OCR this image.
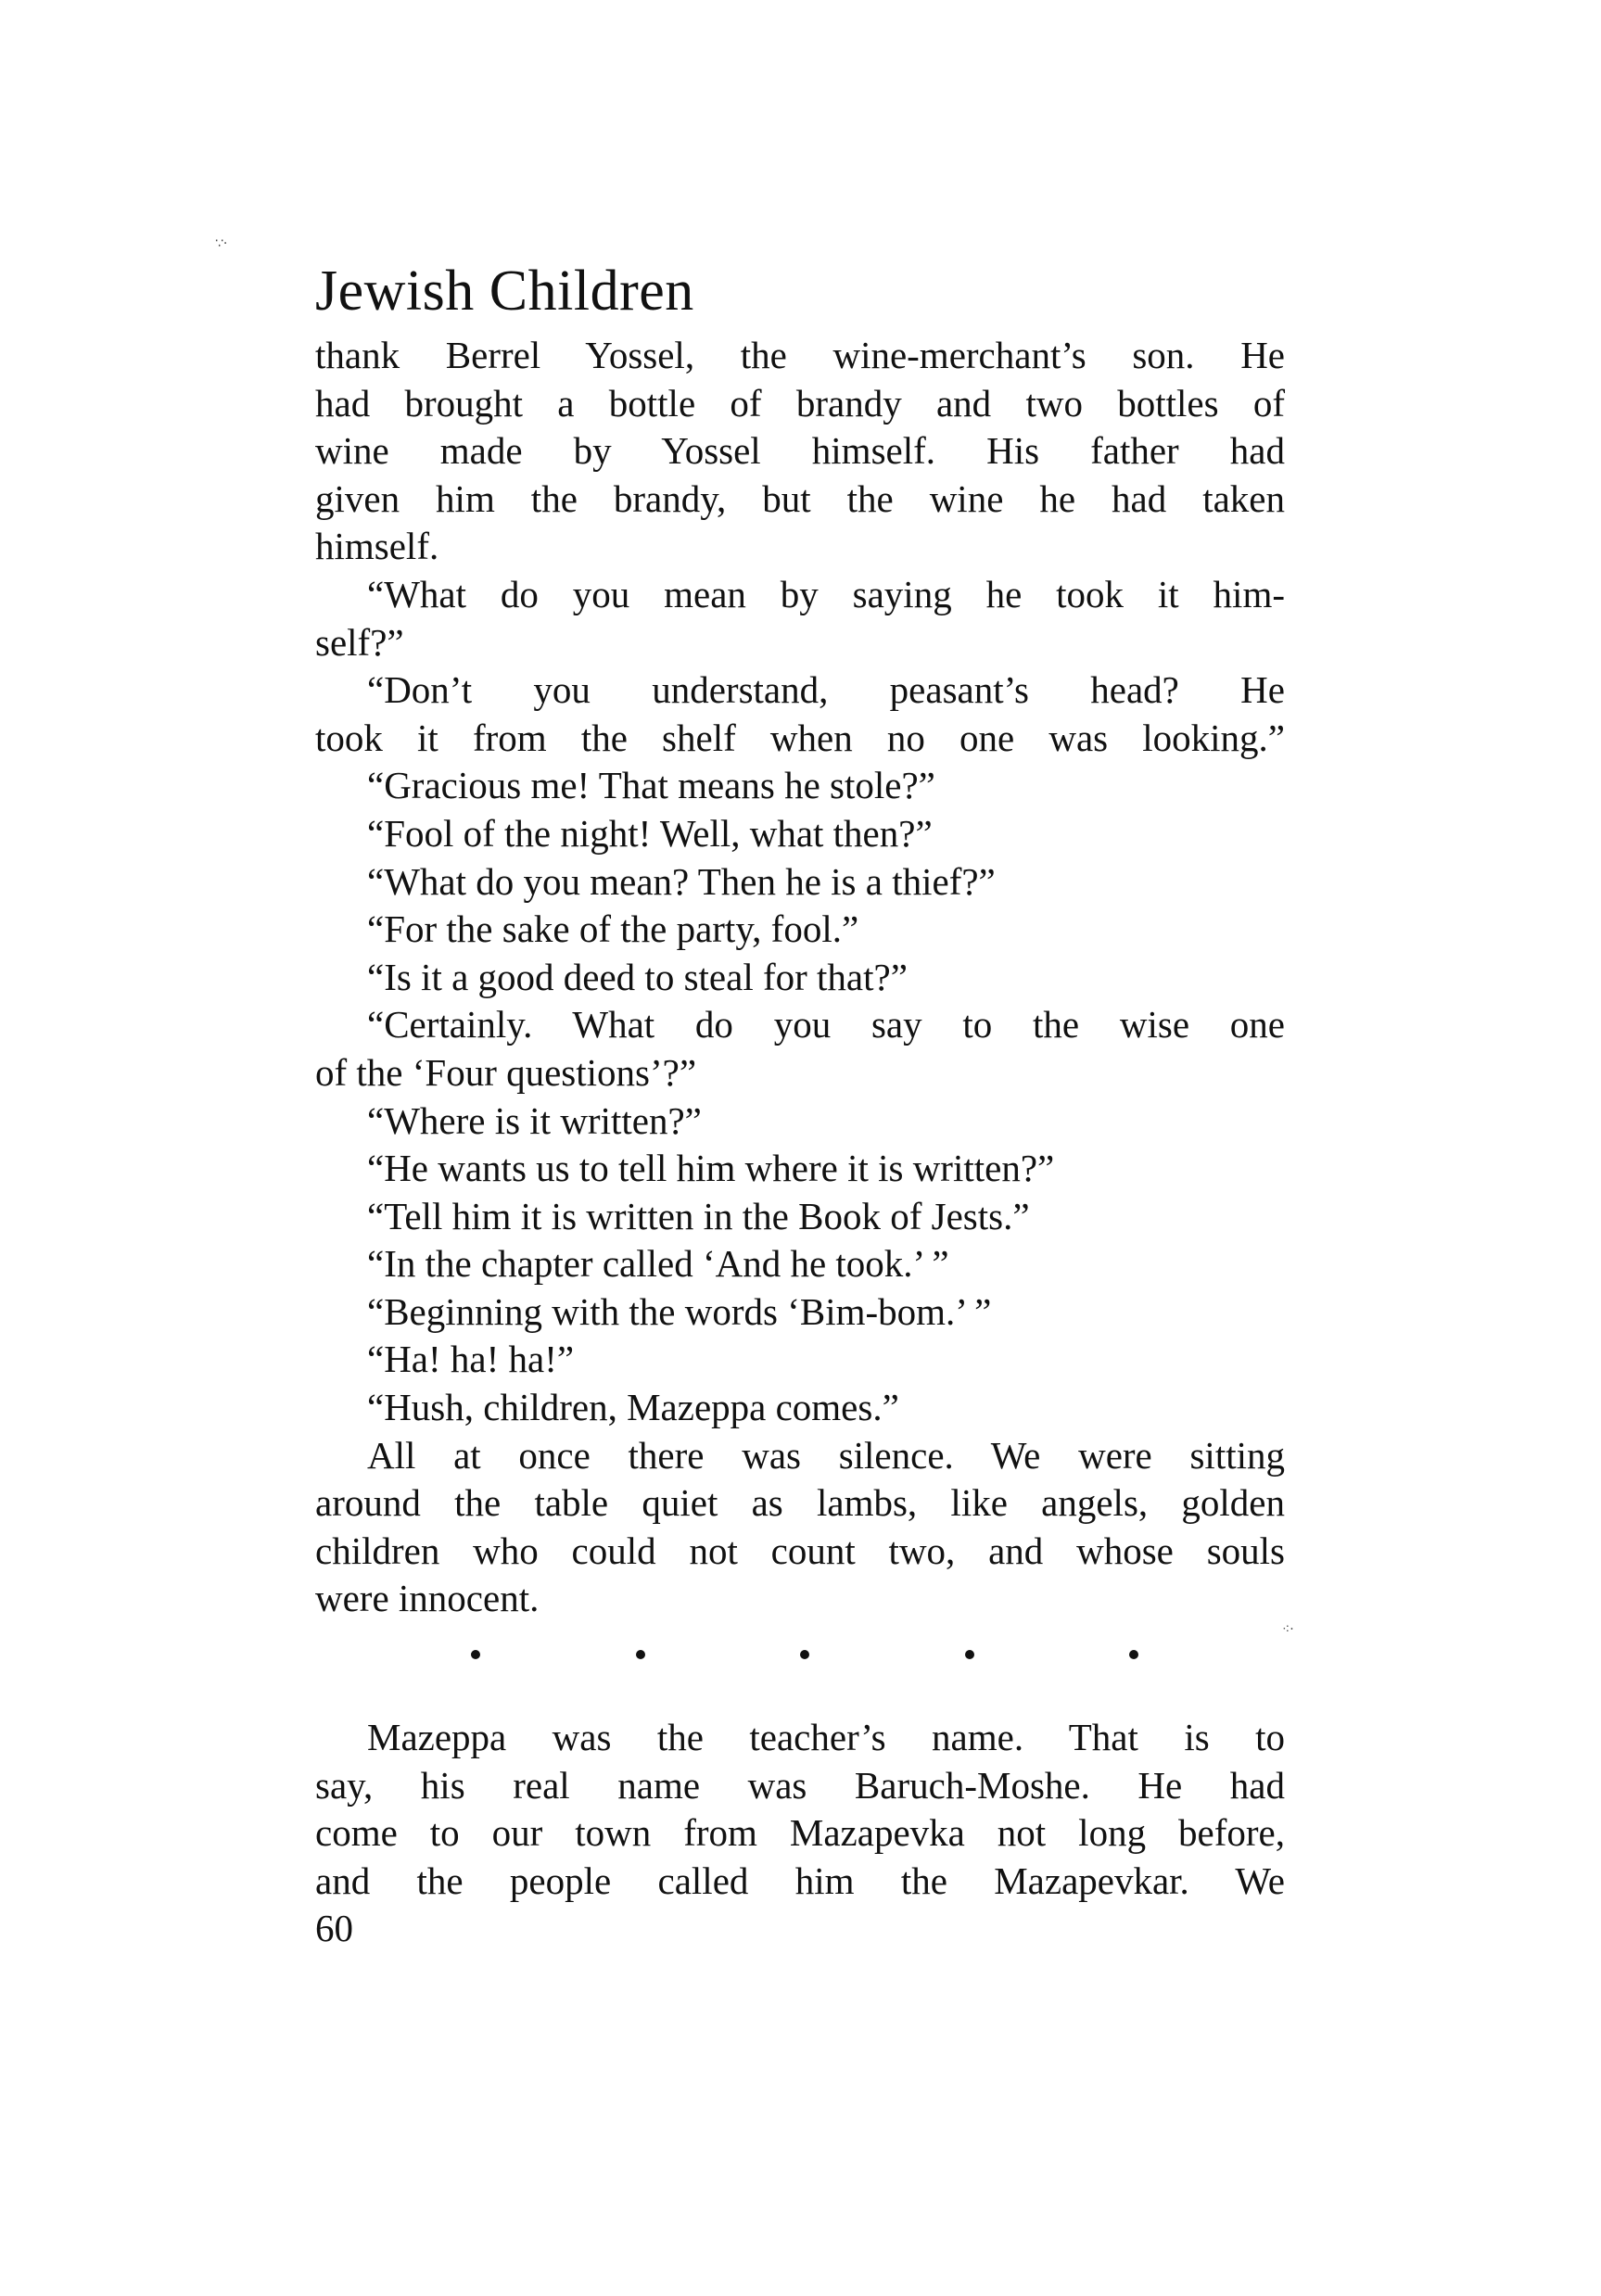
∵·
⁖·
Jewish Children
thank Berrel Yossel, the wine-merchant’s son. He
had brought a bottle of brandy and two bottles of
wine made by Yossel himself. His father had
given him the brandy, but the wine he had taken
himself.
“What do you mean by saying he took it him-
self?”
“Don’t you understand, peasant’s head? He
took it from the shelf when no one was looking.”
“Gracious me! That means he stole?”
“Fool of the night! Well, what then?”
“What do you mean? Then he is a thief?”
“For the sake of the party, fool.”
“Is it a good deed to steal for that?”
“Certainly. What do you say to the wise one
of the ‘Four questions’?”
“Where is it written?”
“He wants us to tell him where it is written?”
“Tell him it is written in the Book of Jests.”
“In the chapter called ‘And he took.’ ”
“Beginning with the words ‘Bim-bom.’ ”
“Ha! ha! ha!”
“Hush, children, Mazeppa comes.”
All at once there was silence. We were sitting
around the table quiet as lambs, like angels, golden
children who could not count two, and whose souls
were innocent.
Mazeppa was the teacher’s name. That is to
say, his real name was Baruch-Moshe. He had
come to our town from Mazapevka not long before,
and the people called him the Mazapevkar. We
60
